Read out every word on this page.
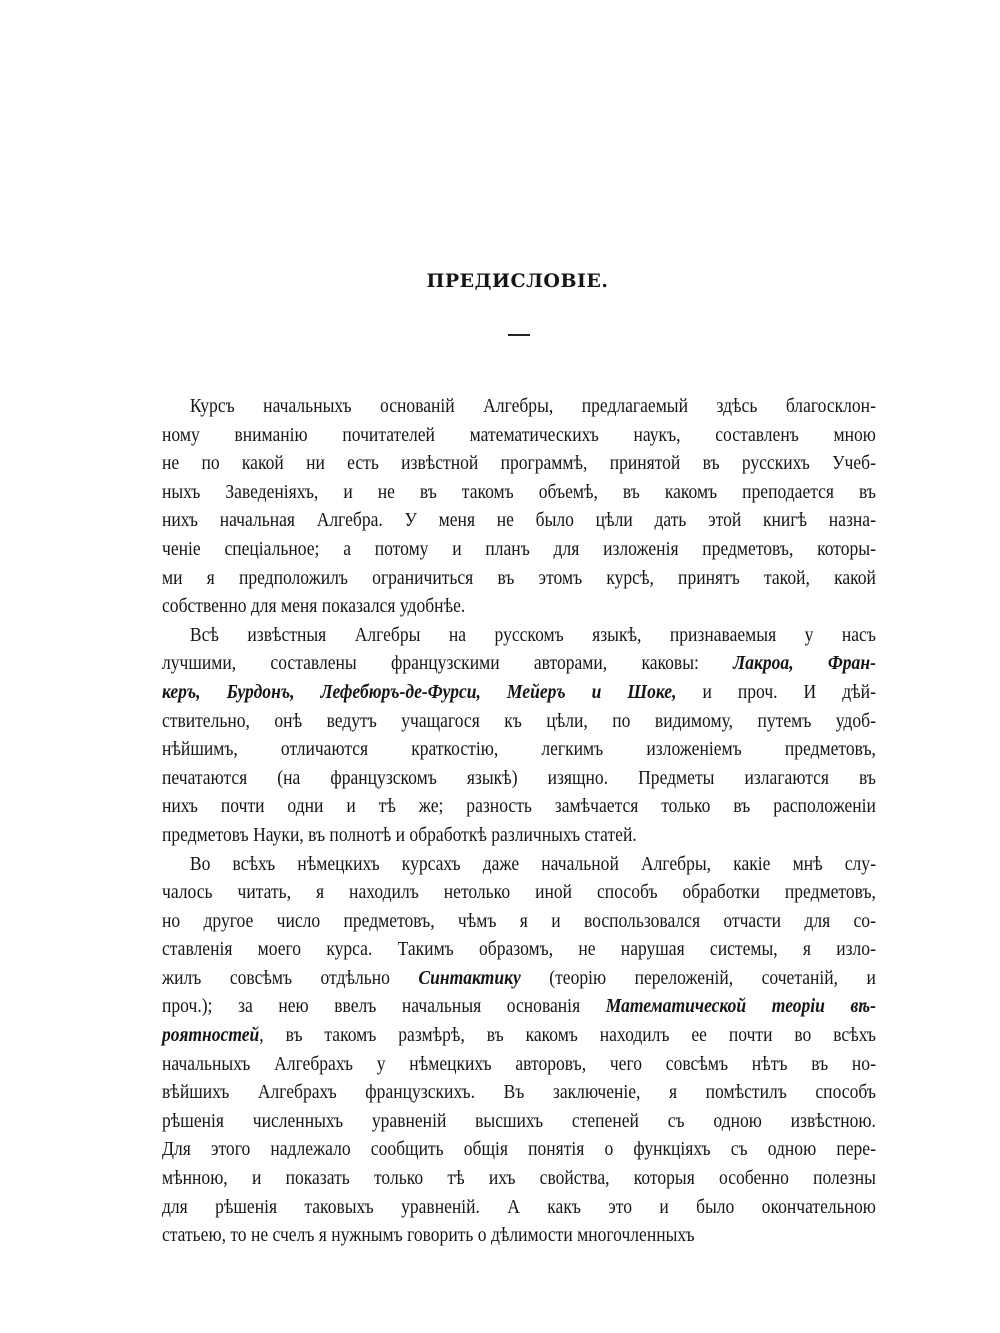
ПРЕДИСЛОВІЕ.
Курсъ начальныхъ основаній Алгебры, предлагаемый здѣсь благосклон-
ному вниманію почитателей математическихъ наукъ, составленъ мною
не по какой ни есть извѣстной программѣ, принятой въ русскихъ Учеб-
ныхъ Заведеніяхъ, и не въ такомъ объемѣ, въ какомъ преподается въ
нихъ начальная Алгебра. У меня не было цѣли дать этой книгѣ назна-
ченіе спеціальное; а потому и планъ для изложенія предметовъ, которы-
ми я предположилъ ограничиться въ этомъ курсѣ, принятъ такой, какой
собственно для меня показался удобнѣе.
Всѣ извѣстныя Алгебры на русскомъ языкѣ, признаваемыя у насъ
лучшими, составлены французскими авторами, каковы: Лакроа, Фран-
керъ, Бурдонъ, Лефебюръ-де-Фурси, Мейеръ и Шоке, и проч. И дѣй-
ствительно, онѣ ведутъ учащагося къ цѣли, по видимому, путемъ удоб-
нѣйшимъ, отличаются краткостію, легкимъ изложеніемъ предметовъ,
печатаются (на французскомъ языкѣ) изящно. Предметы излагаются въ
нихъ почти одни и тѣ же; разность замѣчается только въ расположеніи
предметовъ Науки, въ полнотѣ и обработкѣ различныхъ статей.
Во всѣхъ нѣмецкихъ курсахъ даже начальной Алгебры, какіе мнѣ слу-
чалось читать, я находилъ нетолько иной способъ обработки предметовъ,
но другое число предметовъ, чѣмъ я и воспользовался отчасти для со-
ставленія моего курса. Такимъ образомъ, не нарушая системы, я изло-
жилъ совсѣмъ отдѣльно Синтактику (теорію переложеній, сочетаній, и
проч.); за нею ввелъ начальныя основанія Математической теоріи вѣ-
роятностей, въ такомъ размѣрѣ, въ какомъ находилъ ее почти во всѣхъ
начальныхъ Алгебрахъ у нѣмецкихъ авторовъ, чего совсѣмъ нѣтъ въ но-
вѣйшихъ Алгебрахъ французскихъ. Въ заключеніе, я помѣстилъ способъ
рѣшенія численныхъ уравненій высшихъ степеней съ одною извѣстною.
Для этого надлежало сообщить общія понятія о функціяхъ съ одною пере-
мѣнною, и показать только тѣ ихъ свойства, которыя особенно полезны
для рѣшенія таковыхъ уравненій. А какъ это и было окончательною
статьею, то не счелъ я нужнымъ говорить о дѣлимости многочленныхъ
